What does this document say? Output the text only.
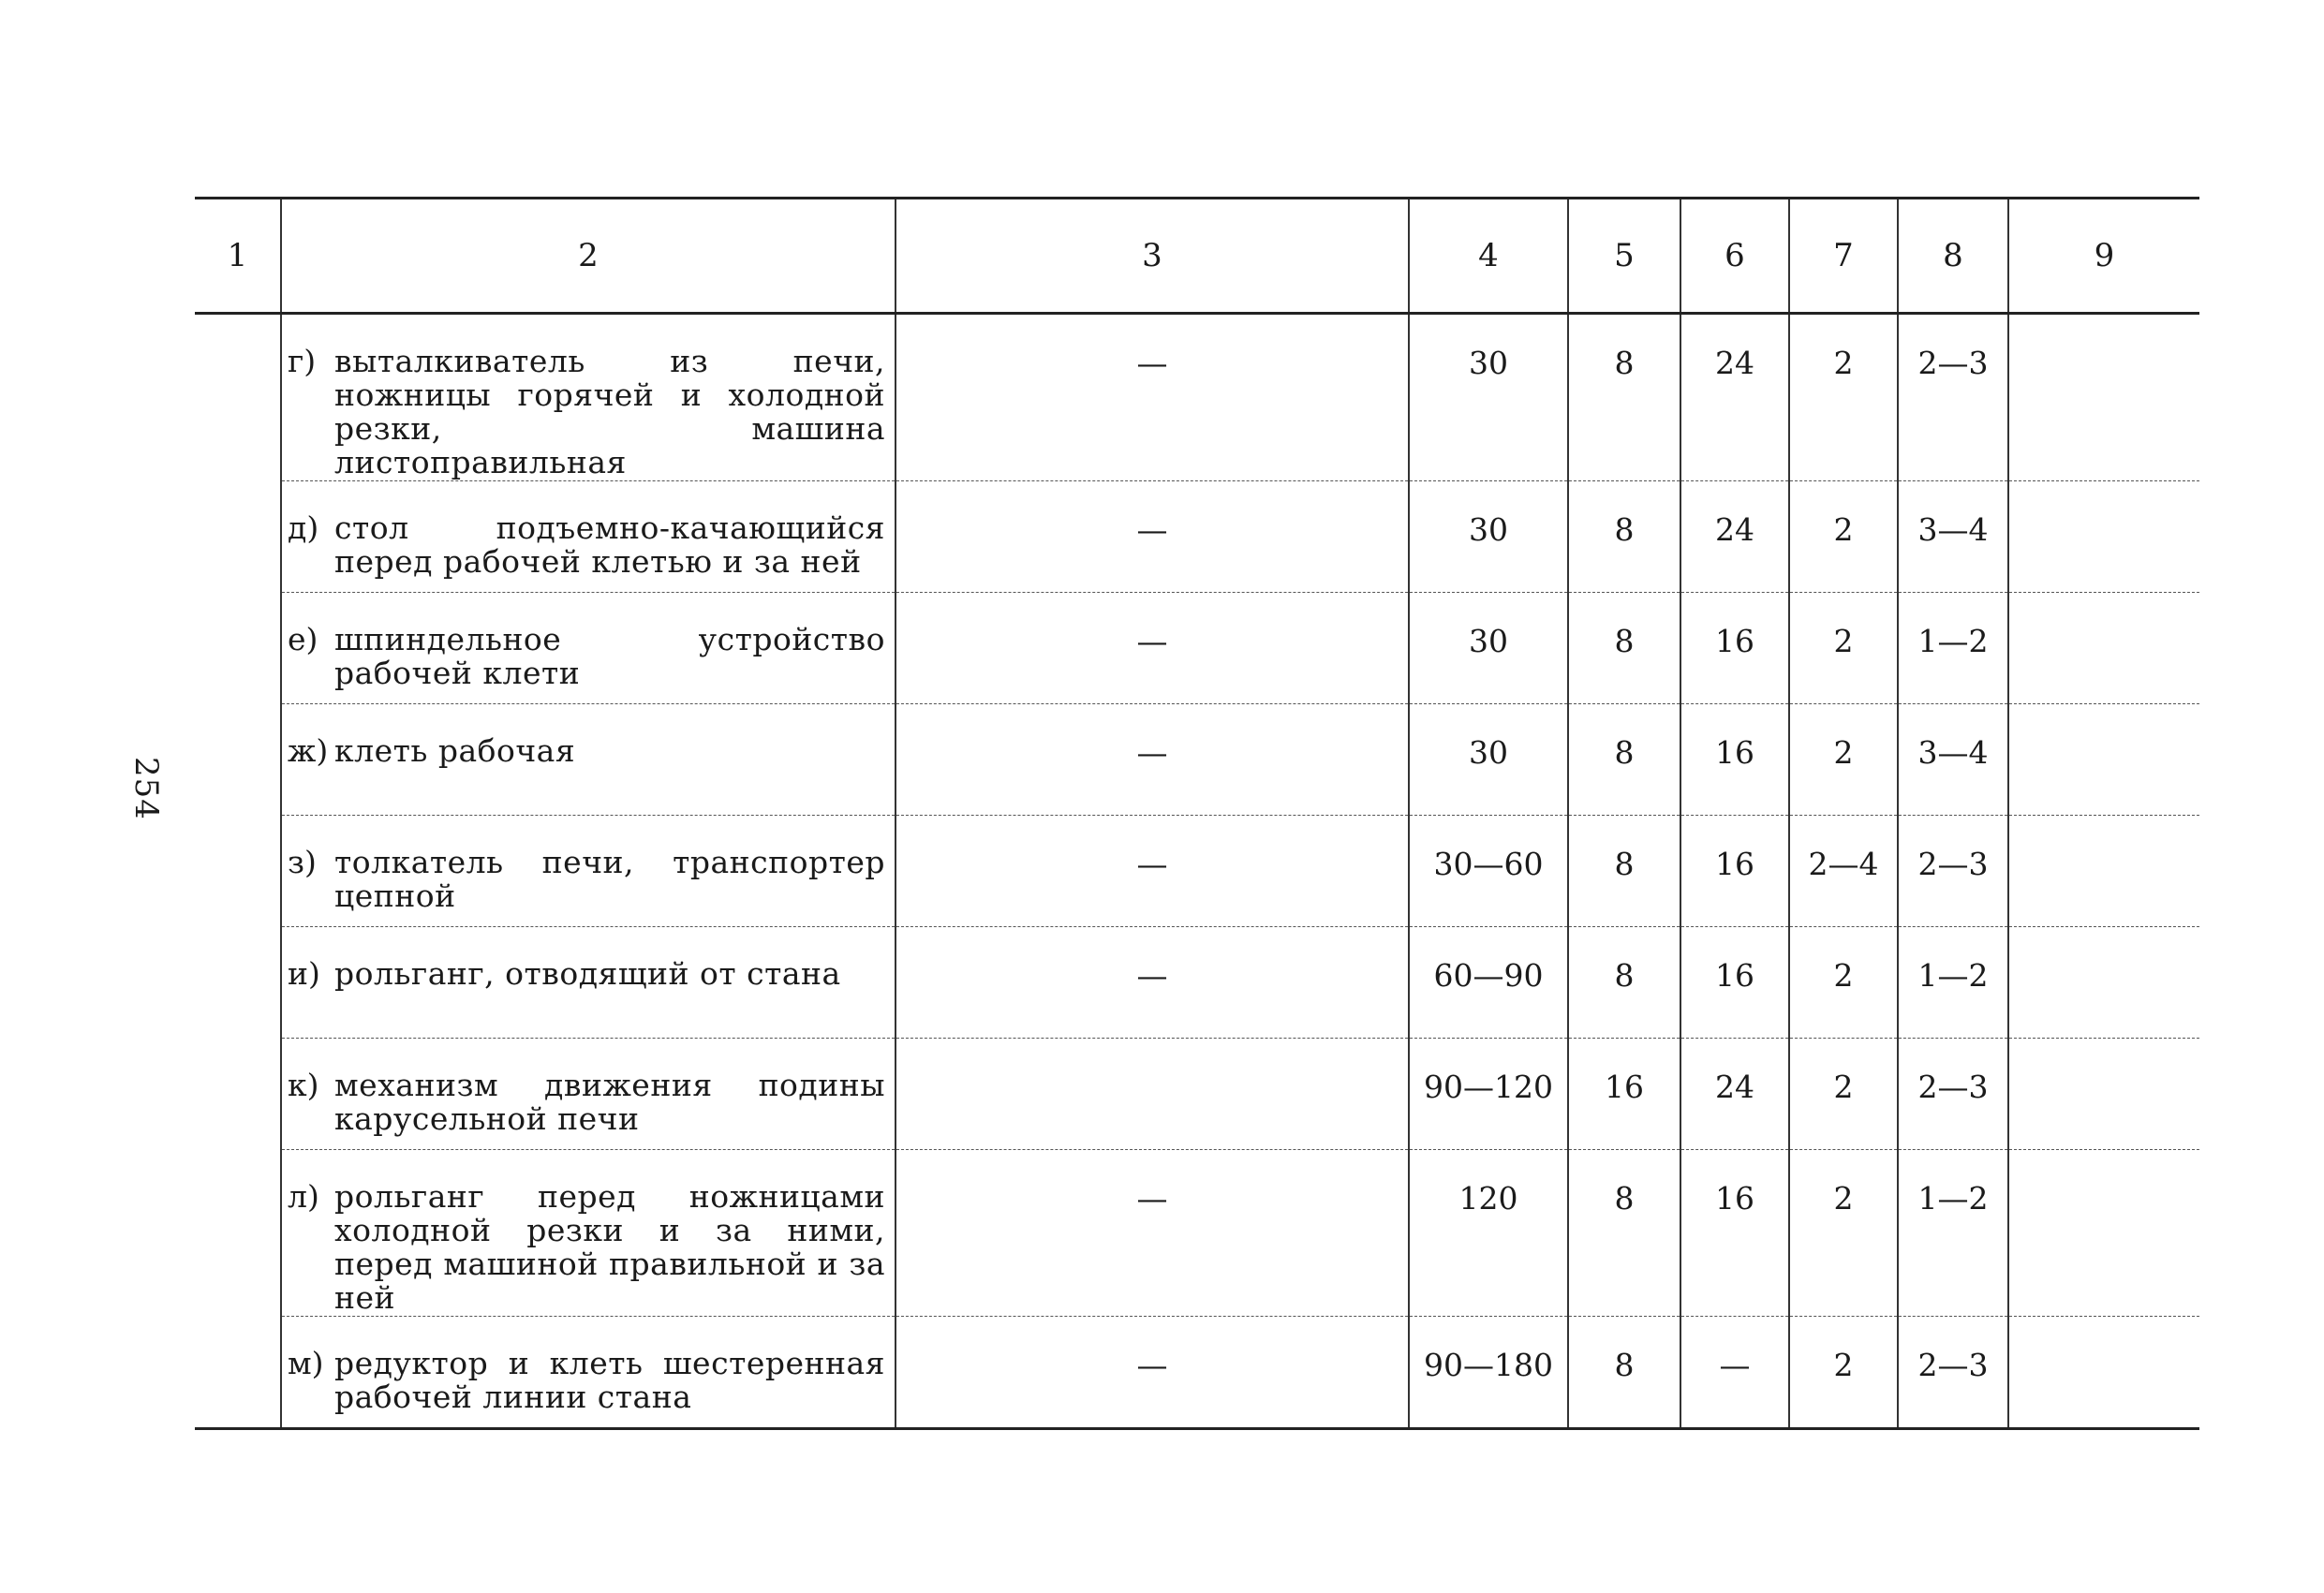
254
1	2	3	4	5	6	7	8	9

	г) выталкиватель из печи, ножницы горячей и холодной резки, машина листоправильная	—	30	8	24	2	2—3	

	д) стол подъемно-качающийся перед рабочей клетью и за ней	—	30	8	24	2	3—4	

	е) шпиндельное устройство рабочей клети	—	30	8	16	2	1—2	

	ж) клеть рабочая	—	30	8	16	2	3—4	

	з) толкатель печи, транспортер цепной	—	30—60	8	16	2—4	2—3	

	и) рольганг, отводящий от стана	—	60—90	8	16	2	1—2	

	к) механизм движения подины карусельной печи		90—120	16	24	2	2—3	

	л) рольганг перед ножницами холодной резки и за ними, перед машиной правильной и за ней	—	120	8	16	2	1—2	

	м) редуктор и клеть шестеренная рабочей линии стана	—	90—180	8	—	2	2—3	
